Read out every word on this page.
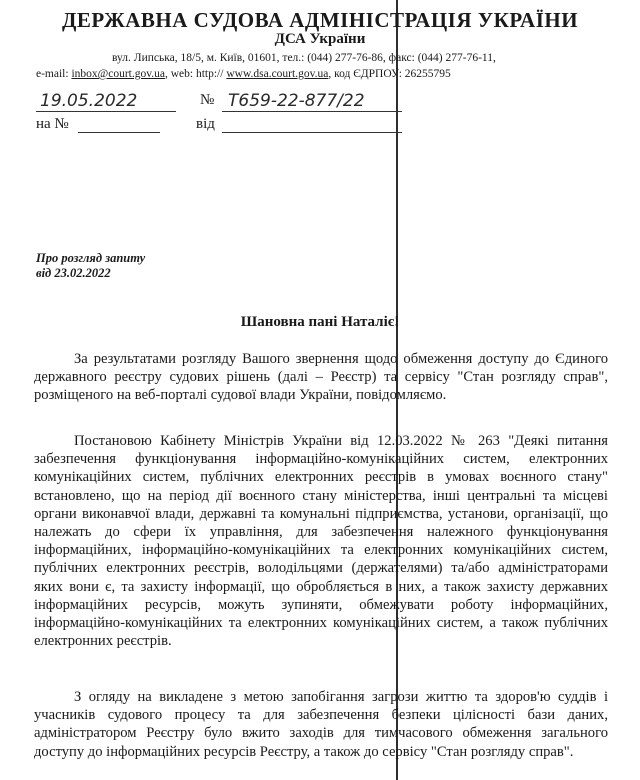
ДЕРЖАВНА СУДОВА АДМІНІСТРАЦІЯ УКРАЇНИ
ДСА України
вул. Липська, 18/5, м. Київ, 01601, тел.: (044) 277-76-86, факс: (044) 277-76-11,
e-mail: inbox@court.gov.ua, web: http:// www.dsa.court.gov.ua, код ЄДРПОУ: 26255795
19.05.2022	№ Т659-22-877/22
на №	від
Про розгляд запиту
від 23.02.2022
Шановна пані Наталіє!

За результатами розгляду Вашого звернення щодо обмеження доступу до Єдиного державного реєстру судових рішень (далі – Реєстр) та сервісу "Стан розгляду справ", розміщеного на веб-порталі судової влади України, повідомляємо.

Постановою Кабінету Міністрів України від 12.03.2022 № 263 "Деякі питання забезпечення функціонування інформаційно-комунікаційних систем, електронних комунікаційних систем, публічних електронних реєстрів в умовах воєнного стану" встановлено, що на період дії воєнного стану міністерства, інші центральні та місцеві органи виконавчої влади, державні та комунальні підприємства, установи, організації, що належать до сфери їх управління, для забезпечення належного функціонування інформаційних, інформаційно-комунікаційних та електронних комунікаційних систем, публічних електронних реєстрів, володільцями (держателями) та/або адміністраторами яких вони є, та захисту інформації, що обробляється в них, а також захисту державних інформаційних ресурсів, можуть зупиняти, обмежувати роботу інформаційних, інформаційно-комунікаційних та електронних комунікаційних систем, а також публічних електронних реєстрів.

З огляду на викладене з метою запобігання загрози життю та здоров'ю суддів і учасників судового процесу та для забезпечення безпеки цілісності бази даних, адміністратором Реєстру було вжито заходів для тимчасового обмеження загального доступу до інформаційних ресурсів Реєстру, а також до сервісу "Стан розгляду справ".
